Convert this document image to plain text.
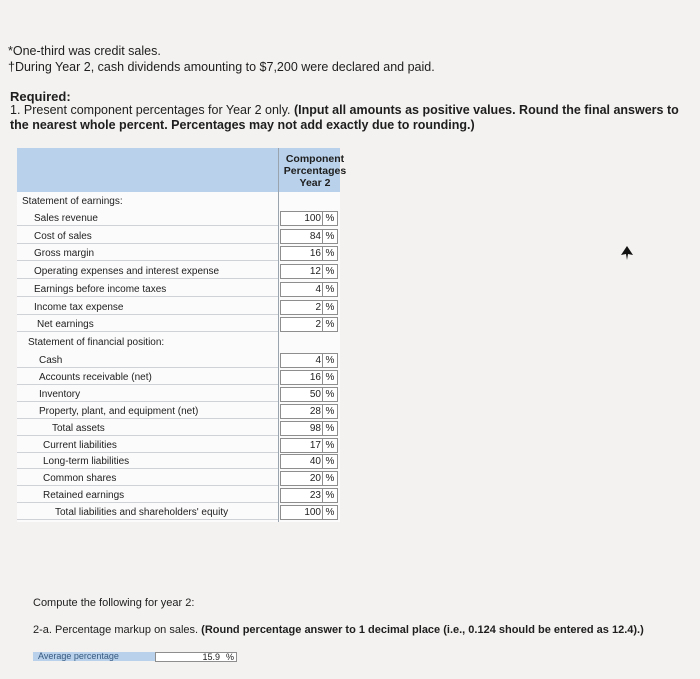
*One-third was credit sales.
†During Year 2, cash dividends amounting to $7,200 were declared and paid.
Required:
1. Present component percentages for Year 2 only. (Input all amounts as positive values. Round the final answers to the nearest whole percent. Percentages may not add exactly due to rounding.)
Component Percentages Year 2
Statement of earnings:
Sales revenue	100 %
Cost of sales	84 %
Gross margin	16 %
Operating expenses and interest expense	12 %
Earnings before income taxes	4 %
Income tax expense	2 %
Net earnings	2 %
Statement of financial position:
Cash	4 %
Accounts receivable (net)	16 %
Inventory	50 %
Property, plant, and equipment (net)	28 %
Total assets	98 %
Current liabilities	17 %
Long-term liabilities	40 %
Common shares	20 %
Retained earnings	23 %
Total liabilities and shareholders' equity	100 %
Compute the following for year 2:
2-a. Percentage markup on sales. (Round percentage answer to 1 decimal place (i.e., 0.124 should be entered as 12.4).)
Average percentage	15.9 %
